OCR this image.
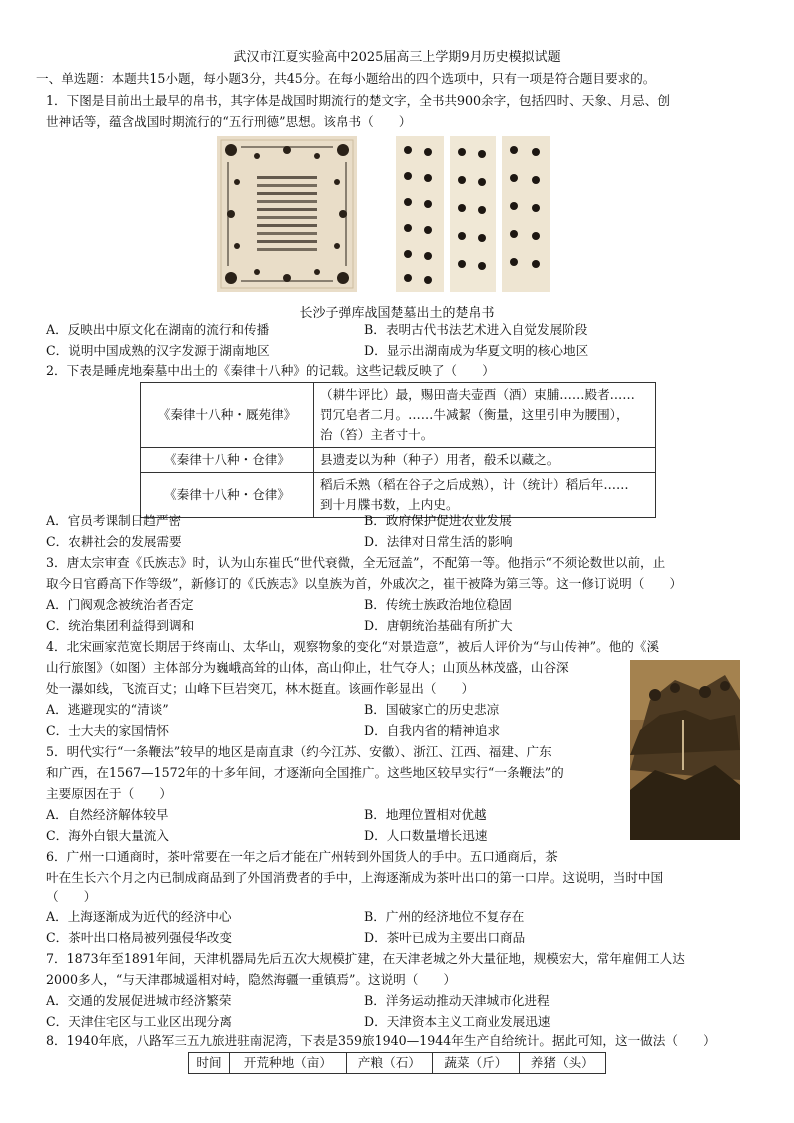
武汉市江夏实验高中2025届高三上学期9月历史模拟试题
一、单选题：本题共15小题，每小题3分，共45分。在每小题给出的四个选项中，只有一项是符合题目要求的。
1．下图是目前出土最早的帛书，其字体是战国时期流行的楚文字，全书共900余字，包括四时、天象、月忌、创
世神话等，蕴含战国时期流行的“五行刑德”思想。该帛书（　　）
长沙子弹库战国楚墓出土的楚帛书
A．反映出中原文化在湖南的流行和传播	B．表明古代书法艺术进入自觉发展阶段
C．说明中国成熟的汉字发源于湖南地区	D．显示出湖南成为华夏文明的核心地区
2．下表是睡虎地秦墓中出土的《秦律十八种》的记载。这些记载反映了（　　）
《秦律十八种・厩苑律》	（耕牛评比）最，赐田啬夫壶酉（酒）束脯……殿者……
罚冗皂者二月。……牛减絜（衡量，这里引申为腰围），
治（笞）主者寸十。

《秦律十八种・仓律》	县遗麦以为种（种子）用者，殽禾以藏之。

《秦律十八种・仓律》	稻后禾熟（稻在谷子之后成熟），计（统计）稻后年……
到十月牒书数，上内史。
A．官员考课制日趋严密	B．政府保护促进农业发展
C．农耕社会的发展需要	D．法律对日常生活的影响
3．唐太宗审查《氏族志》时，认为山东崔氏“世代衰微，全无冠盖”，不配第一等。他指示“不须论数世以前，止
取今日官爵高下作等级”，新修订的《氏族志》以皇族为首，外戚次之，崔干被降为第三等。这一修订说明（　　）
A．门阀观念被统治者否定	B．传统士族政治地位稳固
C．统治集团利益得到调和	D．唐朝统治基础有所扩大
4．北宋画家范宽长期居于终南山、太华山，观察物象的变化“对景造意”，被后人评价为“与山传神”。他的《溪
山行旅图》（如图）主体部分为巍峨高耸的山体，高山仰止，壮气夺人；山顶丛林茂盛，山谷深
处一瀑如线，飞流百丈；山峰下巨岩突兀，林木挺直。该画作彰显出（　　）
A．逃避现实的“清谈”	B．国破家亡的历史悲凉
C．士大夫的家国情怀	D．自我内省的精神追求
5．明代实行“一条鞭法”较早的地区是南直隶（约今江苏、安徽）、浙江、江西、福建、广东
和广西，在1567—1572年的十多年间，才逐渐向全国推广。这些地区较早实行“一条鞭法”的
主要原因在于（　　）
A．自然经济解体较早	B．地理位置相对优越
C．海外白银大量流入	D．人口数量增长迅速
6．广州一口通商时，茶叶常要在一年之后才能在广州转到外国货人的手中。五口通商后，茶
叶在生长六个月之内已制成商品到了外国消费者的手中，上海逐渐成为茶叶出口的第一口岸。这说明，当时中国
（　　）
A．上海逐渐成为近代的经济中心	B．广州的经济地位不复存在
C．茶叶出口格局被列强侵华改变	D．茶叶已成为主要出口商品
7．1873年至1891年间，天津机器局先后五次大规模扩建，在天津老城之外大量征地，规模宏大，常年雇佣工人达
2000多人，“与天津郡城遥相对峙，隐然海疆一重镇焉”。这说明（　　）
A．交通的发展促进城市经济繁荣	B．洋务运动推动天津城市化进程
C．天津住宅区与工业区出现分离	D．天津资本主义工商业发展迅速
8．1940年底，八路军三五九旅进驻南泥湾，下表是359旅1940—1944年生产自给统计。据此可知，这一做法（　　）
时间	开荒种地（亩）	产粮（石）	蔬菜（斤）	养猪（头）
